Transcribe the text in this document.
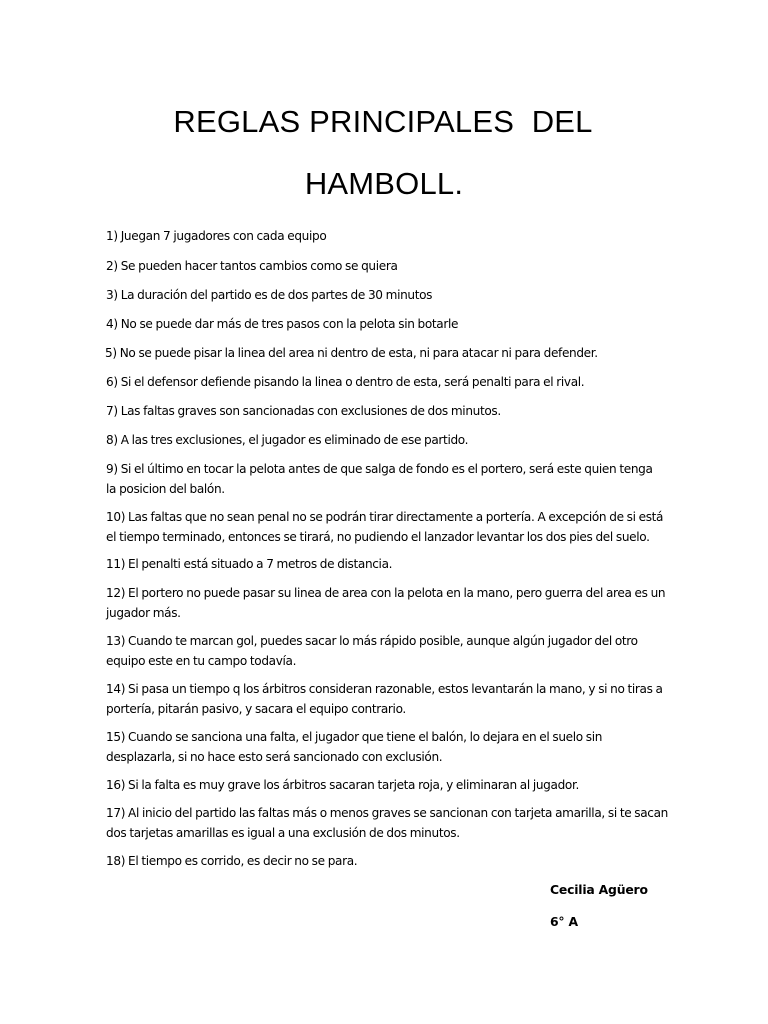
REGLAS PRINCIPALES  DEL
HAMBOLL.
1) Juegan 7 jugadores con cada equipo
2) Se pueden hacer tantos cambios como se quiera
3) La duración del partido es de dos partes de 30 minutos
4) No se puede dar más de tres pasos con la pelota sin botarle
5) No se puede pisar la linea del area ni dentro de esta, ni para atacar ni para defender.
6) Si el defensor defiende pisando la linea o dentro de esta, será penalti para el rival.
7) Las faltas graves son sancionadas con exclusiones de dos minutos.
8) A las tres exclusiones, el jugador es eliminado de ese partido.
9) Si el último en tocar la pelota antes de que salga de fondo es el portero, será este quien tenga
la posicion del balón.
10) Las faltas que no sean penal no se podrán tirar directamente a portería. A excepción de si está
el tiempo terminado, entonces se tirará, no pudiendo el lanzador levantar los dos pies del suelo.
11) El penalti está situado a 7 metros de distancia.
12) El portero no puede pasar su linea de area con la pelota en la mano, pero guerra del area es un
jugador más.
13) Cuando te marcan gol, puedes sacar lo más rápido posible, aunque algún jugador del otro
equipo este en tu campo todavía.
14) Si pasa un tiempo q los árbitros consideran razonable, estos levantarán la mano, y si no tiras a
portería, pitarán pasivo, y sacara el equipo contrario.
15) Cuando se sanciona una falta, el jugador que tiene el balón, lo dejara en el suelo sin
desplazarla, si no hace esto será sancionado con exclusión.
16) Si la falta es muy grave los árbitros sacaran tarjeta roja, y eliminaran al jugador.
17) Al inicio del partido las faltas más o menos graves se sancionan con tarjeta amarilla, si te sacan
dos tarjetas amarillas es igual a una exclusión de dos minutos.
18) El tiempo es corrido, es decir no se para.
Cecilia Agüero
6° A
